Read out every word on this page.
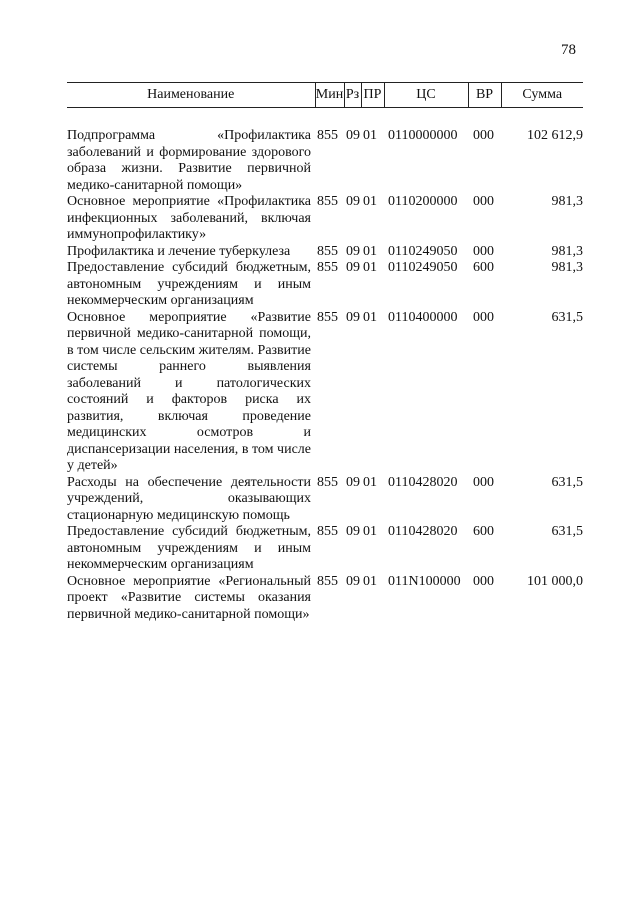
78
Наименование	Мин	Рз	ПР	ЦС	ВР	Сумма

Подпрограмма «Профилактика заболеваний и формирование здорового образа жизни. Развитие первичной медико-санитарной помощи»	855	09	01	0110000000	000	102 612,9
Основное мероприятие «Профилактика инфекционных заболеваний, включая иммунопрофилактику»	855	09	01	0110200000	000	981,3
Профилактика и лечение туберкулеза	855	09	01	0110249050	000	981,3
Предоставление субсидий бюджетным, автономным учреждениям и иным некоммерческим организациям	855	09	01	0110249050	600	981,3
Основное мероприятие «Развитие первичной медико-санитарной помощи, в том числе сельским жителям. Развитие системы раннего выявления заболеваний и патологических состояний и факторов риска их развития, включая проведение медицинских осмотров и диспансеризации населения, в том числе у детей»	855	09	01	0110400000	000	631,5
Расходы на обеспечение деятельности учреждений, оказывающих стационарную медицинскую помощь	855	09	01	0110428020	000	631,5
Предоставление субсидий бюджетным, автономным учреждениям и иным некоммерческим организациям	855	09	01	0110428020	600	631,5
Основное мероприятие «Региональный проект «Развитие системы оказания первичной медико-санитарной помощи»	855	09	01	011N100000	000	101 000,0
